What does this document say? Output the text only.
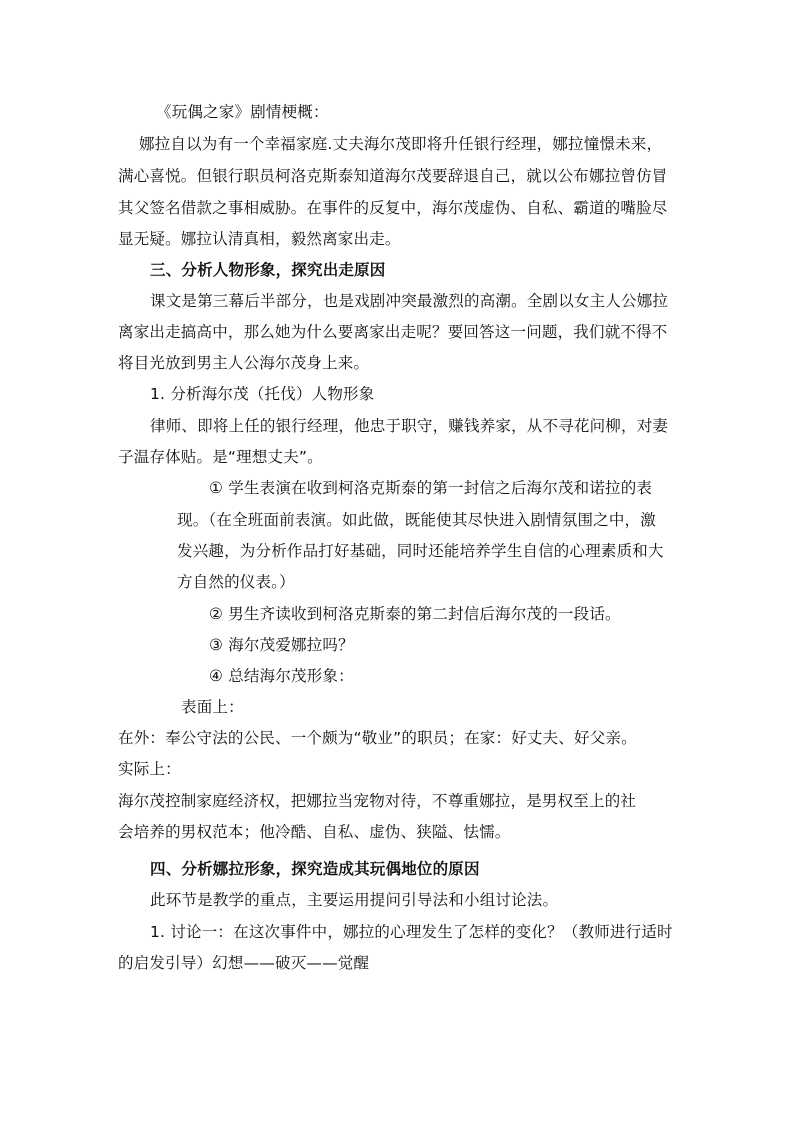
《玩偶之家》剧情梗概：
娜拉自以为有一个幸福家庭.丈夫海尔茂即将升任银行经理，娜拉憧憬未来，
满心喜悦。但银行职员柯洛克斯泰知道海尔茂要辞退自己，就以公布娜拉曾仿冒
其父签名借款之事相威胁。在事件的反复中，海尔茂虚伪、自私、霸道的嘴脸尽
显无疑。娜拉认清真相，毅然离家出走。
三、分析人物形象，探究出走原因
课文是第三幕后半部分，也是戏剧冲突最激烈的高潮。全剧以女主人公娜拉
离家出走搞高中，那么她为什么要离家出走呢？要回答这一问题，我们就不得不
将目光放到男主人公海尔茂身上来。
1. 分析海尔茂（托伐）人物形象
律师、即将上任的银行经理，他忠于职守，赚钱养家，从不寻花问柳，对妻
子温存体贴。是“理想丈夫”。
① 学生表演在收到柯洛克斯泰的第一封信之后海尔茂和诺拉的表
现。（在全班面前表演。如此做，既能使其尽快进入剧情氛围之中，激
发兴趣，为分析作品打好基础，同时还能培养学生自信的心理素质和大
方自然的仪表。）
② 男生齐读收到柯洛克斯泰的第二封信后海尔茂的一段话。
③ 海尔茂爱娜拉吗？
④ 总结海尔茂形象：
表面上：
在外：奉公守法的公民、一个颇为“敬业”的职员；在家：好丈夫、好父亲。
实际上：
海尔茂控制家庭经济权，把娜拉当宠物对待，不尊重娜拉，是男权至上的社
会培养的男权范本；他冷酷、自私、虚伪、狭隘、怯懦。
四、分析娜拉形象，探究造成其玩偶地位的原因
此环节是教学的重点，主要运用提问引导法和小组讨论法。
1. 讨论一：在这次事件中，娜拉的心理发生了怎样的变化？（教师进行适时
的启发引导）幻想——破灭——觉醒
